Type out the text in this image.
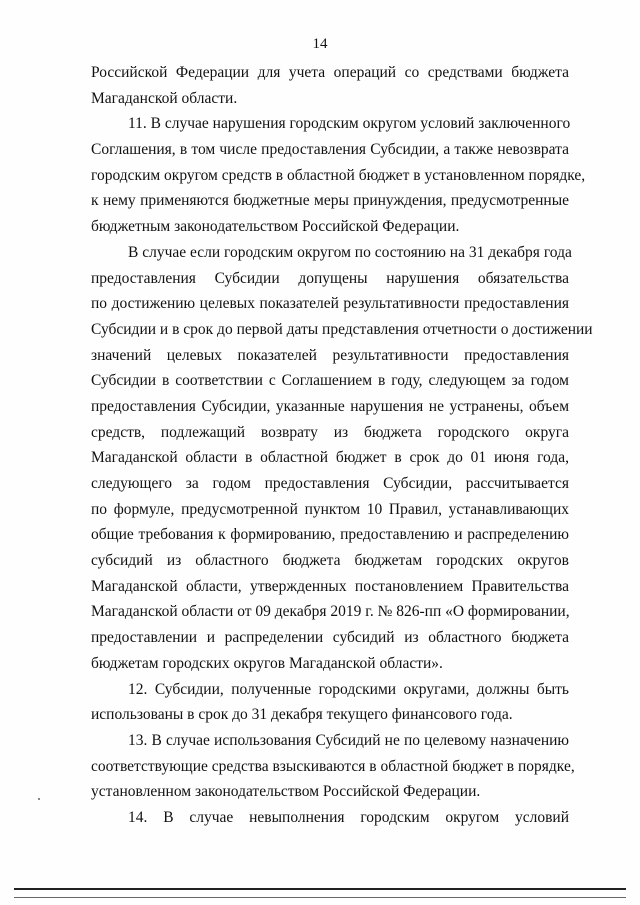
14
Российской Федерации для учета операций со средствами бюджета
Магаданской области.
11. В случае нарушения городским округом условий заключенного
Соглашения, в том числе предоставления Субсидии, а также невозврата
городским округом средств в областной бюджет в установленном порядке,
к нему применяются бюджетные меры принуждения, предусмотренные
бюджетным законодательством Российской Федерации.
В случае если городским округом по состоянию на 31 декабря года
предоставления Субсидии допущены нарушения обязательства
по достижению целевых показателей результативности предоставления
Субсидии и в срок до первой даты представления отчетности о достижении
значений целевых показателей результативности предоставления
Субсидии в соответствии с Соглашением в году, следующем за годом
предоставления Субсидии, указанные нарушения не устранены, объем
средств, подлежащий возврату из бюджета городского округа
Магаданской области в областной бюджет в срок до 01 июня года,
следующего за годом предоставления Субсидии, рассчитывается
по формуле, предусмотренной пунктом 10 Правил, устанавливающих
общие требования к формированию, предоставлению и распределению
субсидий из областного бюджета бюджетам городских округов
Магаданской области, утвержденных постановлением Правительства
Магаданской области от 09 декабря 2019 г. № 826-пп «О формировании,
предоставлении и распределении субсидий из областного бюджета
бюджетам городских округов Магаданской области».
12. Субсидии, полученные городскими округами, должны быть
использованы в срок до 31 декабря текущего финансового года.
13. В случае использования Субсидий не по целевому назначению
соответствующие средства взыскиваются в областной бюджет в порядке,
установленном законодательством Российской Федерации.
14. В случае невыполнения городским округом условий
